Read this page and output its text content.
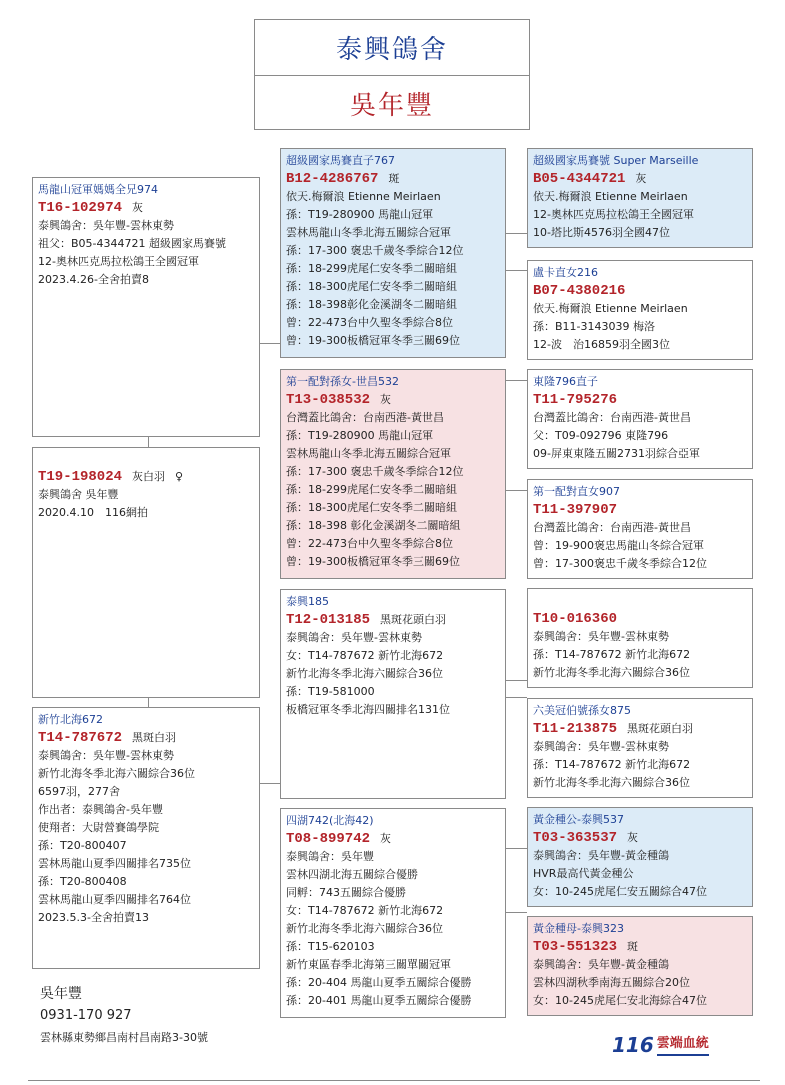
泰興鴿舍
吳年豐
馬龍山冠軍媽媽全兄974
T16-102974 灰
泰興鴿舍：吳年豐-雲林東勢
祖父：B05-4344721 超級國家馬賽號
12-奧林匹克馬拉松鴿王全國冠軍
2023.4.26-全舍拍賣8
T19-198024 灰白羽 ♀
泰興鴿舍 吳年豐
2020.4.10　116網拍
新竹北海672
T14-787672 黑斑白羽
泰興鴿舍：吳年豐-雲林東勢
新竹北海冬季北海六關綜合36位
6597羽，277舍
作出者：泰興鴿舍-吳年豐
使翔者：大尉營賽鴿學院
孫：T20-800407
雲林馬龍山夏季四關排名735位
孫：T20-800408
雲林馬龍山夏季四關排名764位
2023.5.3-全舍拍賣13
超級國家馬賽直子767
B12-4286767 斑
依天.梅爾浪 Etienne Meirlaen
孫：T19-280900 馬龍山冠軍
雲林馬龍山冬季北海五關綜合冠軍
孫：17-300 褒忠千歲冬季綜合12位
孫：18-299虎尾仁安冬季二關暗組
孫：18-300虎尾仁安冬季二關暗組
孫：18-398彰化金溪湖冬二關暗組
曾：22-473台中久聖冬季綜合8位
曾：19-300板橋冠軍冬季三關69位
第一配對孫女-世昌532
T13-038532 灰
台灣蓋比鴿舍：台南西港-黃世昌
孫：T19-280900 馬龍山冠軍
雲林馬龍山冬季北海五關綜合冠軍
孫：17-300 褒忠千歲冬季綜合12位
孫：18-299虎尾仁安冬季二關暗組
孫：18-300虎尾仁安冬季二關暗組
孫：18-398 彰化金溪湖冬二關暗組
曾：22-473台中久聖冬季綜合8位
曾：19-300板橋冠軍冬季三關69位
泰興185
T12-013185 黑斑花頭白羽
泰興鴿舍：吳年豐-雲林東勢
女：T14-787672 新竹北海672
新竹北海冬季北海六關綜合36位
孫：T19-581000
板橋冠軍冬季北海四關排名131位
四湖742(北海42)
T08-899742 灰
泰興鴿舍：吳年豐
雲林四湖北海五關綜合優勝
同孵：743五關綜合優勝
女：T14-787672 新竹北海672
新竹北海冬季北海六關綜合36位
孫：T15-620103
新竹東區春季北海第三關單關冠軍
孫：20-404 馬龍山夏季五關綜合優勝
孫：20-401 馬龍山夏季五關綜合優勝
超級國家馬賽號 Super Marseille
B05-4344721 灰
依天.梅爾浪 Etienne Meirlaen
12-奧林匹克馬拉松鴿王全國冠軍
10-塔比斯4576羽全國47位
盧卡直女216
B07-4380216
依天.梅爾浪 Etienne Meirlaen
孫：B11-3143039 梅洛
12-波　治16859羽全國3位
東隆796直子
T11-795276
台灣蓋比鴿舍：台南西港-黃世昌
父：T09-092796 東隆796
09-屏東東隆五關2731羽綜合亞軍
第一配對直女907
T11-397907
台灣蓋比鴿舍：台南西港-黃世昌
曾：19-900褒忠馬龍山冬綜合冠軍
曾：17-300褒忠千歲冬季綜合12位
T10-016360
泰興鴿舍：吳年豐-雲林東勢
孫：T14-787672 新竹北海672
新竹北海冬季北海六關綜合36位
六美冠伯號孫女875
T11-213875 黑斑花頭白羽
泰興鴿舍：吳年豐-雲林東勢
孫：T14-787672 新竹北海672
新竹北海冬季北海六關綜合36位
黃金種公-泰興537
T03-363537 灰
泰興鴿舍：吳年豐-黃金種鴿
HVR最高代黃金種公
女：10-245虎尾仁安五關綜合47位
黃金種母-泰興323
T03-551323 斑
泰興鴿舍：吳年豐-黃金種鴿
雲林四湖秋季南海五關綜合20位
女：10-245虎尾仁安北海綜合47位
吳年豐
0931-170 927
雲林縣東勢鄉昌南村昌南路3-30號	116 雲端血統
